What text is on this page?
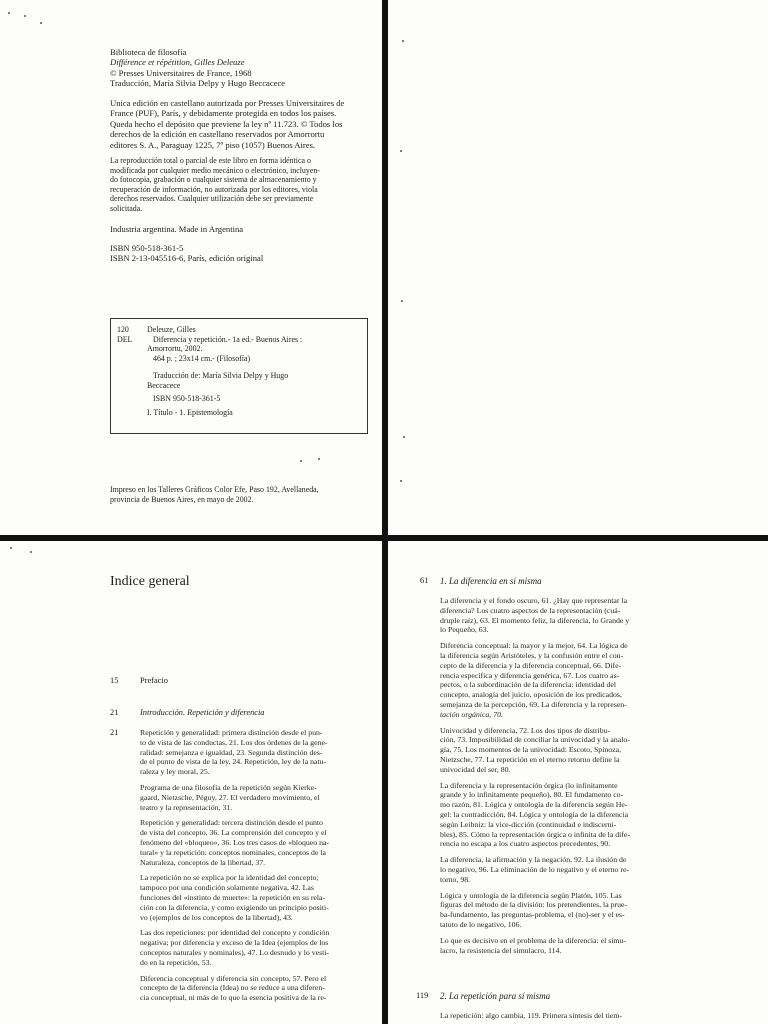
Biblioteca de filosofía
Différence et répétition, Gilles Deleuze
© Presses Universitaires de France, 1968
Traducción, María Silvia Delpy y Hugo Beccacece
Unica edición en castellano autorizada por Presses Universitaires de
France (PUF), París, y debidamente protegida en todos los países.
Queda hecho el depósito que previene la ley nº 11.723. © Todos los
derechos de la edición en castellano reservados por Amorrortu
editores S. A., Paraguay 1225, 7º piso (1057) Buenos Aires.
La reproducción total o parcial de este libro en forma idéntica o
modificada por cualquier medio mecánico o electrónico, incluyen-
do fotocopia, grabación o cualquier sistema de almacenamiento y
recuperación de información, no autorizada por los editores, viola
derechos reservados. Cualquier utilización debe ser previamente
solicitada.
Industria argentina. Made in Argentina
ISBN 950-518-361-5
ISBN 2-13-045516-6, París, edición original
120
DEL
Deleuze, Gilles
Diferencia y repetición.- 1a ed.- Buenos Aires :
Amorrortu, 2002.
464 p. ; 23x14 cm.- (Filosofía)
Traducción de: María Silvia Delpy y Hugo
Beccacece
ISBN 950-518-361-5
I. Título - 1. Epistemología
Impreso en los Talleres Gráficos Color Efe, Paso 192, Avellaneda,
provincia de Buenos Aires, en mayo de 2002.
Indice general
15	Prefacio
21	Introducción. Repetición y diferencia
21	Repetición y generalidad: primera distinción desde el pun-
to de vista de las conductas, 21. Los dos órdenes de la gene-
ralidad: semejanza e igualdad, 23. Segunda distinción des-
de el punto de vista de la ley, 24. Repetición, ley de la natu-
raleza y ley moral, 25.
Programa de una filosofía de la repetición según Kierke-
gaard, Nietzsche, Péguy, 27. El verdadero movimiento, el
teatro y la representación, 31.
Repetición y generalidad: tercera distinción desde el punto
de vista del concepto, 36. La comprensión del concepto y el
fenómeno del «bloqueo», 36. Los tres casos de «bloqueo na-
tural» y la repetición: conceptos nominales, conceptos de la
Naturaleza, conceptos de la libertad, 37.
La repetición no se explica por la identidad del concepto;
tampoco por una condición solamente negativa, 42. Las
funciones del «instinto de muerte»: la repetición en su rela-
ción con la diferencia, y como exigiendo un principio positi-
vo (ejemplos de los conceptos de la libertad), 43.
Las dos repeticiones: por identidad del concepto y condición
negativa; por diferencia y exceso de la Idea (ejemplos de los
conceptos naturales y nominales), 47. Lo desnudo y lo vesti-
do en la repetición, 53.
Diferencia conceptual y diferencia sin concepto, 57. Pero el
concepto de la diferencia (Idea) no se reduce a una diferen-
cia conceptual, ni más de lo que la esencia positiva de la re-
61 1. La diferencia en sí misma
La diferencia y el fondo oscuro, 61. ¿Hay que representar la
diferencia? Los cuatro aspectos de la representación (cuá-
druple raíz), 63. El momento feliz, la diferencia, lo Grande y
lo Pequeño, 63.
Diferencia conceptual: la mayor y la mejor, 64. La lógica de
la diferencia según Aristóteles, y la confusión entre el con-
cepto de la diferencia y la diferencia conceptual, 66. Dife-
rencia específica y diferencia genérica, 67. Los cuatro as-
pectos, o la subordinación de la diferencia: identidad del
concepto, analogía del juicio, oposición de los predicados,
semejanza de la percepción, 69. La diferencia y la represen-
tación orgánica, 70.
Univocidad y diferencia, 72. Los dos tipos de distribu-
ción, 73. Imposibilidad de conciliar la univocidad y la analo-
gía, 75. Los momentos de la univocidad: Escoto, Spinoza,
Nietzsche, 77. La repetición en el eterno retorno define la
univocidad del ser, 80.
La diferencia y la representación órgica (lo infinitamente
grande y lo infinitamente pequeño), 80. El fundamento co-
mo razón, 81. Lógica y ontología de la diferencia según He-
gel: la contradicción, 84. Lógica y ontología de la diferencia
según Leibniz: la vice-dicción (continuidad e indiscerni-
bles), 85. Cómo la representación órgica o infinita de la dife-
rencia no escapa a los cuatro aspectos precedentes, 90.
La diferencia, la afirmación y la negación, 92. La ilusión de
lo negativo, 96. La eliminación de lo negativo y el eterno re-
torno, 98.
Lógica y ontología de la diferencia según Platón, 105. Las
figuras del método de la división: los pretendientes, la prue-
ba-fundamento, las preguntas-problema, el (no)-ser y el es-
tatuto de lo negativo, 106.
Lo que es decisivo en el problema de la diferencia: el simu-
lacro, la resistencia del simulacro, 114.
119 2. La repetición para sí misma
La repetición: algo cambia, 119. Primera síntesis del tiem-
